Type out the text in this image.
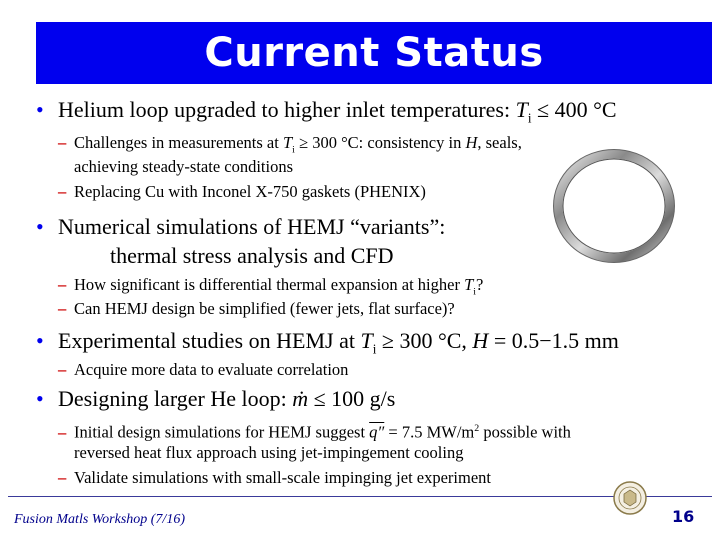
Current Status
• Helium loop upgraded to higher inlet temperatures: $T_i \le 400$ °C
– Challenges in measurements at $T_i \ge 300$ °C: consistency in H, seals,
achieving steady-state conditions
– Replacing Cu with Inconel X-750 gaskets (PHENIX)
• Numerical simulations of HEMJ “variants”:
thermal stress analysis and CFD
– How significant is differential thermal expansion at higher $T_i$?
– Can HEMJ design be simplified (fewer jets, flat surface)?
• Experimental studies on HEMJ at $T_i \ge 300$ °C, H = 0.5−1.5 mm
– Acquire more data to evaluate correlation
• Designing larger He loop: ṁ ≤ 100 g/s
– Initial design simulations for HEMJ suggest q″ = 7.5 $MW/m^2$ possible with
reversed heat flux approach using jet-impingement cooling
– Validate simulations with small-scale impinging jet experiment
Fusion Matls Workshop (7/16)	16
